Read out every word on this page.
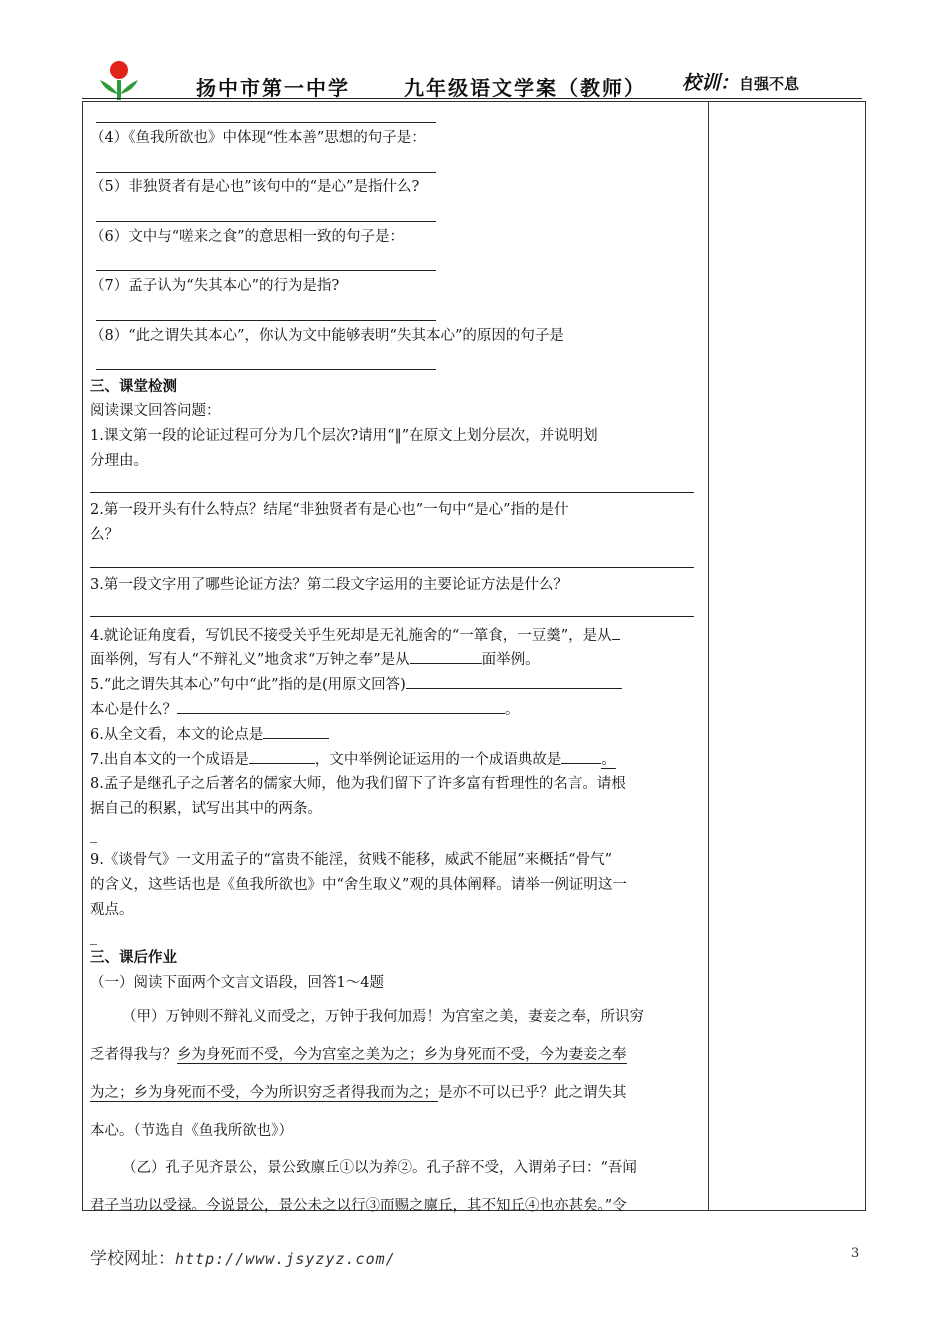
扬中市第一中学	九年级语文学案（教师） 校训：自强不息
（4）《鱼我所欲也》中体现“性本善”思想的句子是：
（5）非独贤者有是心也”该句中的“是心”是指什么?
（6）文中与“嗟来之食”的意思相一致的句子是：
（7）孟子认为“失其本心”的行为是指?
（8）“此之谓失其本心”，你认为文中能够表明“失其本心”的原因的句子是
三、课堂检测
阅读课文回答问题：
1.课文第一段的论证过程可分为几个层次?请用“‖”在原文上划分层次，并说明划
分理由。
2.第一段开头有什么特点？结尾“非独贤者有是心也”一句中“是心”指的是什
么？
3.第一段文字用了哪些论证方法？第二段文字运用的主要论证方法是什么？
4.就论证角度看，写饥民不接受关乎生死却是无礼施舍的“一箪食，一豆羹”，是从
面举例，写有人“不辩礼义”地贪求“万钟之奉”是从	面举例。
5.“此之谓失其本心”句中“此”指的是(用原文回答)
本心是什么？	。
6.从全文看，本文的论点是
7.出自本文的一个成语是	，文中举例论证运用的一个成语典故是	。
8.孟子是继孔子之后著名的儒家大师，他为我们留下了许多富有哲理性的名言。请根
据自己的积累，试写出其中的两条。
_
9.《谈骨气》一文用孟子的“富贵不能淫，贫贱不能移，威武不能屈”来概括“骨气”
的含义，这些话也是《鱼我所欲也》中“舍生取义”观的具体阐释。请举一例证明这一
观点。
_
三、课后作业
（一）阅读下面两个文言文语段，回答1～4题
（甲）万钟则不辩礼义而受之，万钟于我何加焉！为宫室之美，妻妾之奉，所识穷
乏者得我与？乡为身死而不受，今为宫室之美为之；乡为身死而不受，今为妻妾之奉
为之；乡为身死而不受，今为所识穷乏者得我而为之；是亦不可以已乎？此之谓失其
本心。（节选自《鱼我所欲也》）
（乙）孔子见齐景公，景公致廪丘①以为养②。孔子辞不受，入谓弟子曰：“吾闻
君子当功以受禄。今说景公，景公未之以行③而赐之廪丘，其不知丘④也亦甚矣。”令
学校网址：http://www.jsyzyz.com/	3
